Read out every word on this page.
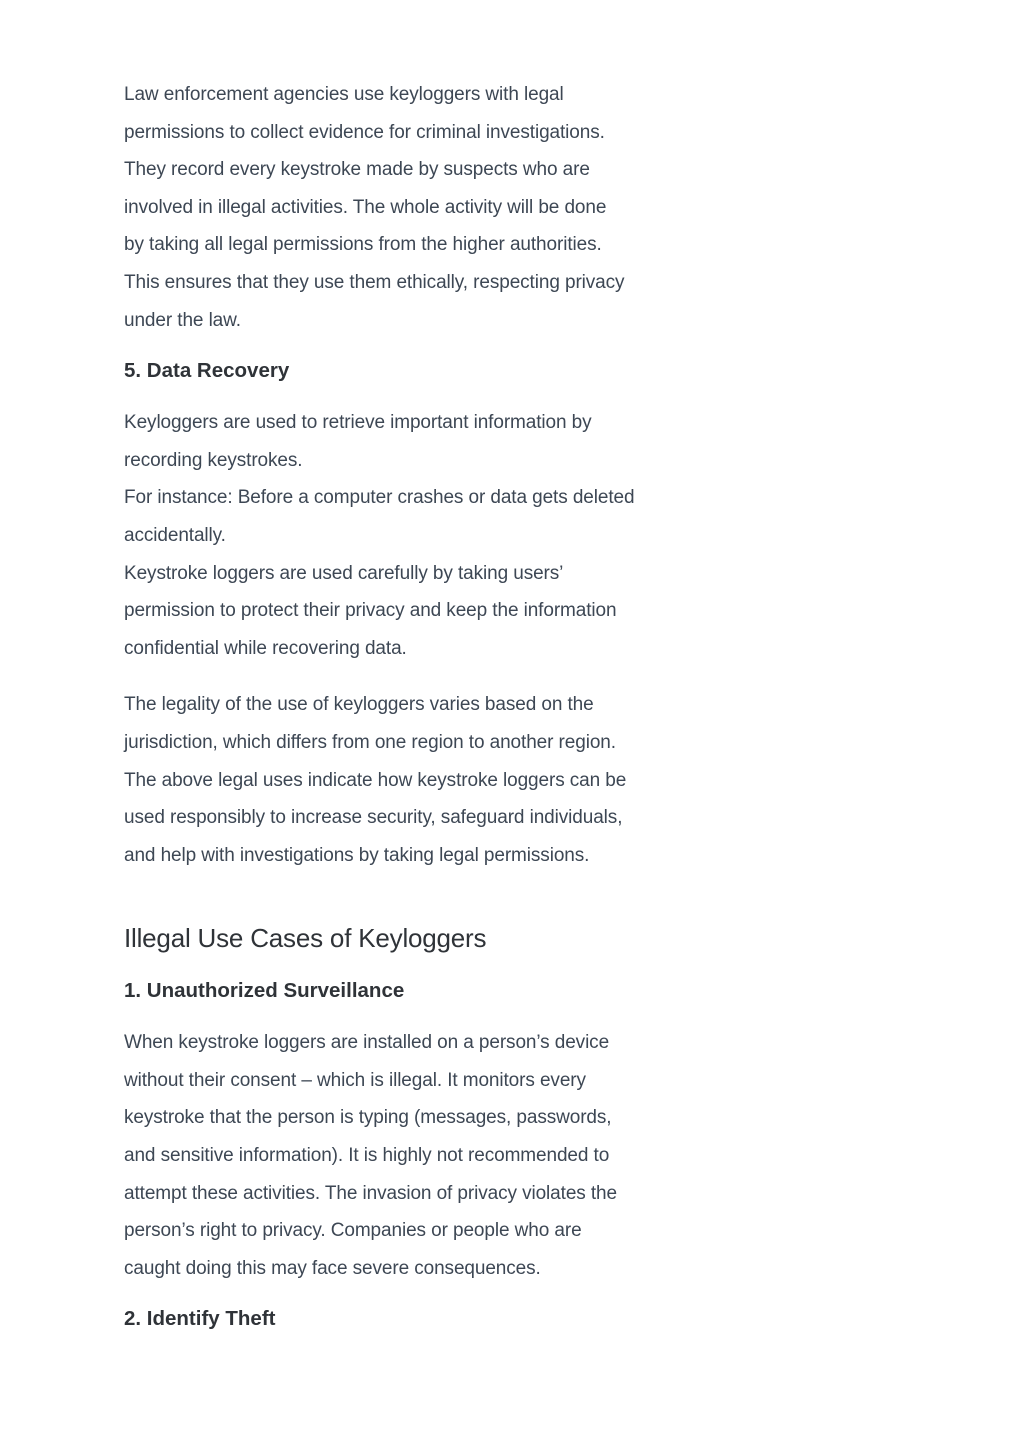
Law enforcement agencies use keyloggers with legal
permissions to collect evidence for criminal investigations.
They record every keystroke made by suspects who are
involved in illegal activities. The whole activity will be done
by taking all legal permissions from the higher authorities.
This ensures that they use them ethically, respecting privacy
under the law.

5. Data Recovery

Keyloggers are used to retrieve important information by
recording keystrokes.
For instance: Before a computer crashes or data gets deleted
accidentally.
Keystroke loggers are used carefully by taking users’
permission to protect their privacy and keep the information
confidential while recovering data.

The legality of the use of keyloggers varies based on the
jurisdiction, which differs from one region to another region.
The above legal uses indicate how keystroke loggers can be
used responsibly to increase security, safeguard individuals,
and help with investigations by taking legal permissions.

Illegal Use Cases of Keyloggers
1. Unauthorized Surveillance

When keystroke loggers are installed on a person’s device
without their consent – which is illegal. It monitors every
keystroke that the person is typing (messages, passwords,
and sensitive information). It is highly not recommended to
attempt these activities. The invasion of privacy violates the
person’s right to privacy. Companies or people who are
caught doing this may face severe consequences.

2. Identify Theft
